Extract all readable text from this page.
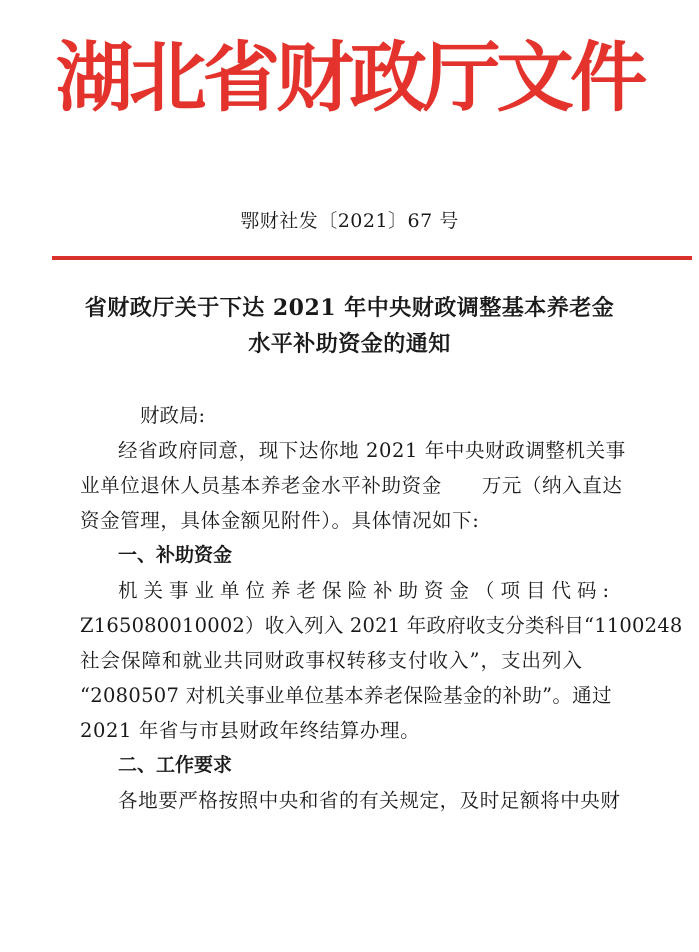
湖北省财政厅文件
鄂财社发〔2021〕67 号
省财政厅关于下达 2021 年中央财政调整基本养老金
水平补助资金的通知
财政局:
经省政府同意，现下达你地 2021 年中央财政调整机关事
业单位退休人员基本养老金水平补助资金 万元（纳入直达
资金管理，具体金额见附件）。具体情况如下:
一、补助资金
机关事业单位养老保险补助资金（项目代码:
Z165080010002）收入列入 2021 年政府收支分类科目“1100248
社会保障和就业共同财政事权转移支付收入”，支出列入
“2080507 对机关事业单位基本养老保险基金的补助”。通过
2021 年省与市县财政年终结算办理。
二、工作要求
各地要严格按照中央和省的有关规定，及时足额将中央财
